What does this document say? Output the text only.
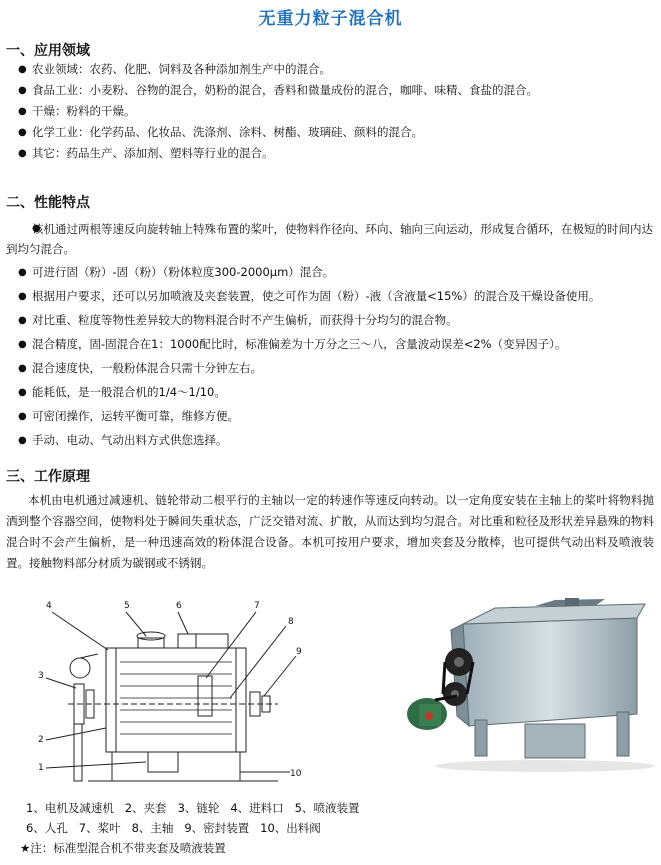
无重力粒子混合机
一、应用领域

● 农业领域：农药、化肥、饲料及各种添加剂生产中的混合。

● 食品工业：小麦粉、谷物的混合，奶粉的混合，香料和微量成份的混合，咖啡、味精、食盐的混合。

● 干燥：粉料的干燥。

● 化学工业：化学药品、化妆品、洗涤剂、涂料、树酯、玻璃硅、颜料的混合。

● 其它：药品生产、添加剂、塑料等行业的混合。

二、性能特点

● 该机通过两根等速反向旋转轴上特殊布置的桨叶，使物料作径向、环向、轴向三向运动，形成复合循环，在极短的时间内达到均匀混合。

● 可进行固（粉）-固（粉）（粉体粒度300-2000μm）混合。

● 根据用户要求，还可以另加喷液及夹套装置，使之可作为固（粉）-液（含液量<15%）的混合及干燥设备使用。

● 对比重、粒度等物性差异较大的物料混合时不产生偏析，而获得十分均匀的混合物。

● 混合精度，固-固混合在1：1000配比时，标准偏差为十万分之三～八，含量波动误差<2%（变异因子）。

● 混合速度快，一般粉体混合只需十分钟左右。

● 能耗低，是一般混合机的1/4～1/10。

● 可密闭操作，运转平衡可靠，维修方便。

● 手动、电动、气动出料方式供您选择。

三、工作原理
本机由电机通过减速机、链轮带动二根平行的主轴以一定的转速作等速反向转动。以一定角度安装在主轴上的桨叶将物料抛洒到整个容器空间，使物料处于瞬间失重状态，广泛交错对流、扩散，从而达到均匀混合。对比重和粒径及形状差异悬殊的物料混合时不会产生偏析，是一种迅速高效的粉体混合设备。本机可按用户要求，增加夹套及分散棒，也可提供气动出料及喷液装置。接触物料部分材质为碳钢或不锈钢。
4	5	6	7
8
9
3
2
1
10
1、电机及减速机   2、夹套   3、链轮   4、进料口   5、喷液装置
6、人孔   7、桨叶   8、主轴   9、密封装置   10、出料阀
★注：标准型混合机不带夹套及喷液装置
